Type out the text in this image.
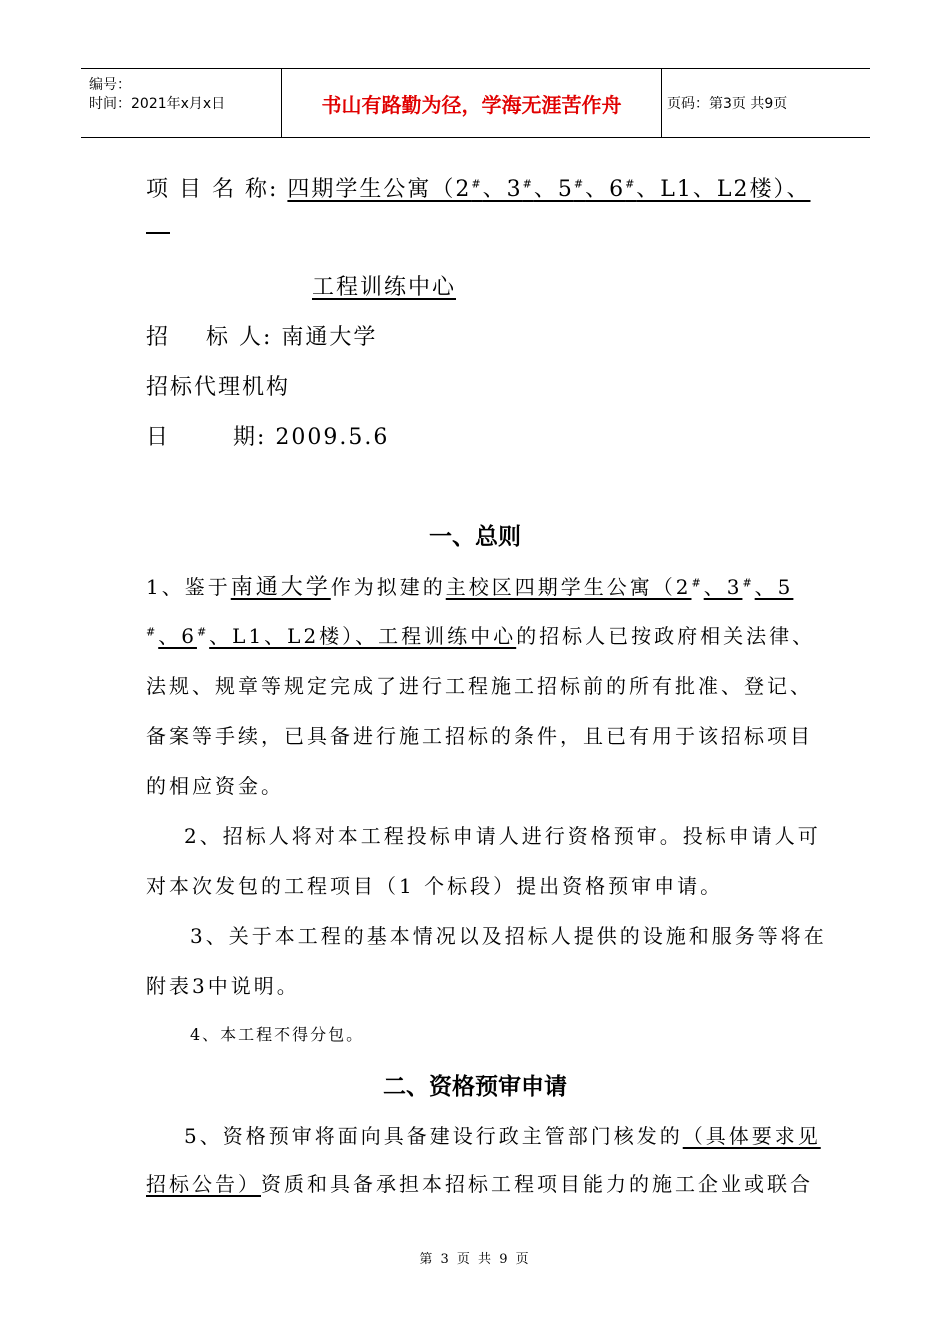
编号：
时间：2021年x月x日	书山有路勤为径，学海无涯苦作舟	页码：第3页 共9页
项 目 名 称: 四期学生公寓（2#、3#、5#、6#、L1、L2楼）、
工程训练中心
招    标 人: 南通大学
招标代理机构
日       期: 2009.5.6
一、总则
1、鉴于南通大学作为拟建的主校区四期学生公寓（2#、3#、5
#、6#、L1、L2楼）、工程训练中心的招标人已按政府相关法律、
法规、规章等规定完成了进行工程施工招标前的所有批准、登记、
备案等手续，已具备进行施工招标的条件，且已有用于该招标项目
的相应资金。
2、招标人将对本工程投标申请人进行资格预审。投标申请人可
对本次发包的工程项目（1 个标段）提出资格预审申请。
3、关于本工程的基本情况以及招标人提供的设施和服务等将在
附表3中说明。
4、本工程不得分包。
二、资格预审申请
5、资格预审将面向具备建设行政主管部门核发的（具体要求见
招标公告）资质和具备承担本招标工程项目能力的施工企业或联合
第 3 页 共 9 页
